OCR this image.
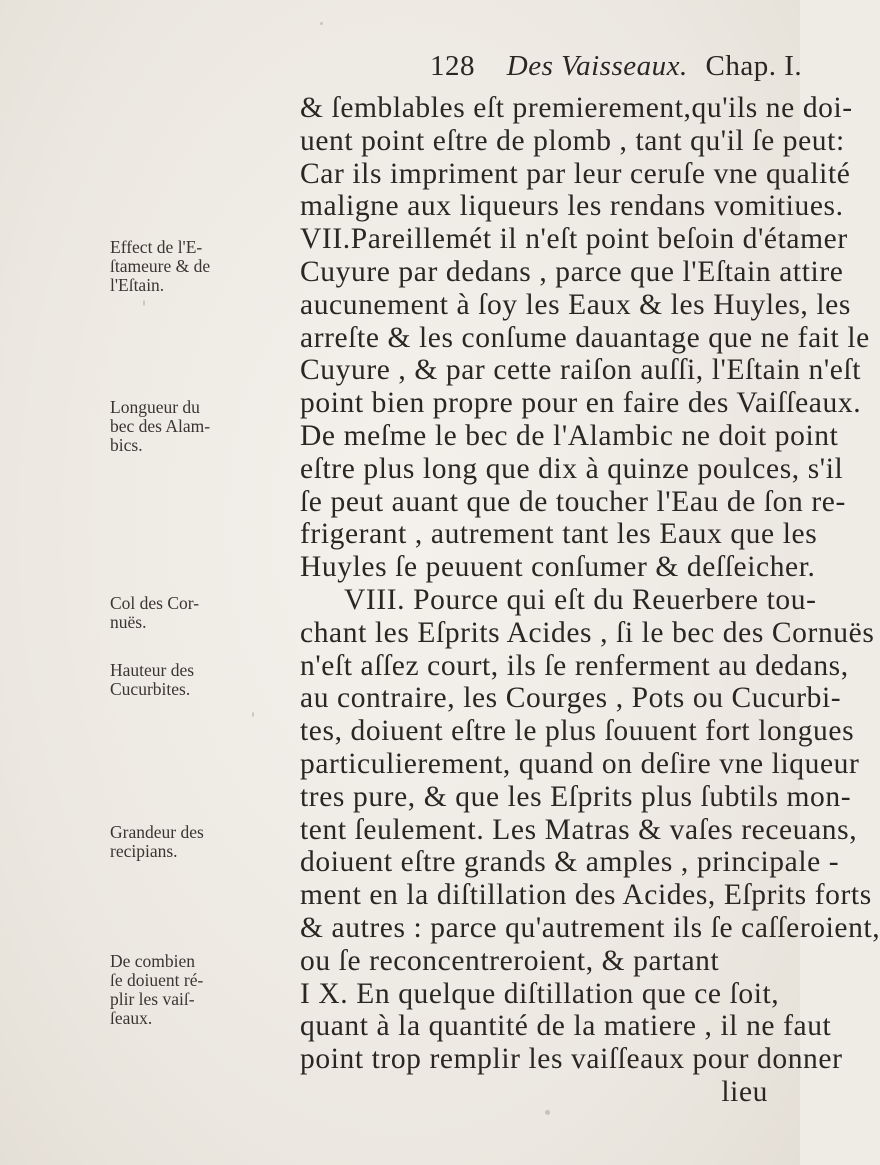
128 Des Vaisseaux. Chap. I.
& ſemblables eſt premierement,qu'ils ne doi-
uent point eſtre de plomb , tant qu'il ſe peut:
Car ils impriment par leur ceruſe vne qualité
maligne aux liqueurs les rendans vomitiues.
VII.Pareillemét il n'eſt point beſoin d'étamer
Cuyure par dedans , parce que l'Eſtain attire
aucunement à ſoy les Eaux & les Huyles, les
arreſte & les conſume dauantage que ne fait le
Cuyure , & par cette raiſon auſſi, l'Eſtain n'eſt
point bien propre pour en faire des Vaiſſeaux.
De meſme le bec de l'Alambic ne doit point
eſtre plus long que dix à quinze poulces, s'il
ſe peut auant que de toucher l'Eau de ſon re-
frigerant , autrement tant les Eaux que les
Huyles ſe peuuent conſumer & deſſeicher.
VIII. Pource qui eſt du Reuerbere tou-
chant les Eſprits Acides , ſi le bec des Cornuës
n'eſt aſſez court, ils ſe renferment au dedans,
au contraire, les Courges , Pots ou Cucurbi-
tes, doiuent eſtre le plus ſouuent fort longues
particulierement, quand on deſire vne liqueur
tres pure, & que les Eſprits plus ſubtils mon-
tent ſeulement. Les Matras & vaſes receuans,
doiuent eſtre grands & amples , principale -
ment en la diſtillation des Acides, Eſprits forts
& autres : parce qu'autrement ils ſe caſſeroient,
ou ſe reconcentreroient, & partant
I X. En quelque diſtillation que ce ſoit,
quant à la quantité de la matiere , il ne faut
point trop remplir les vaiſſeaux pour donner
lieu
Effect de l'E-
ſtameure & de
l'Eſtain.
Longueur du
bec des Alam-
bics.
Col des Cor-
nuës.
Hauteur des
Cucurbites.
Grandeur des
recipians.
De combien
ſe doiuent ré-
plir les vaiſ-
ſeaux.
